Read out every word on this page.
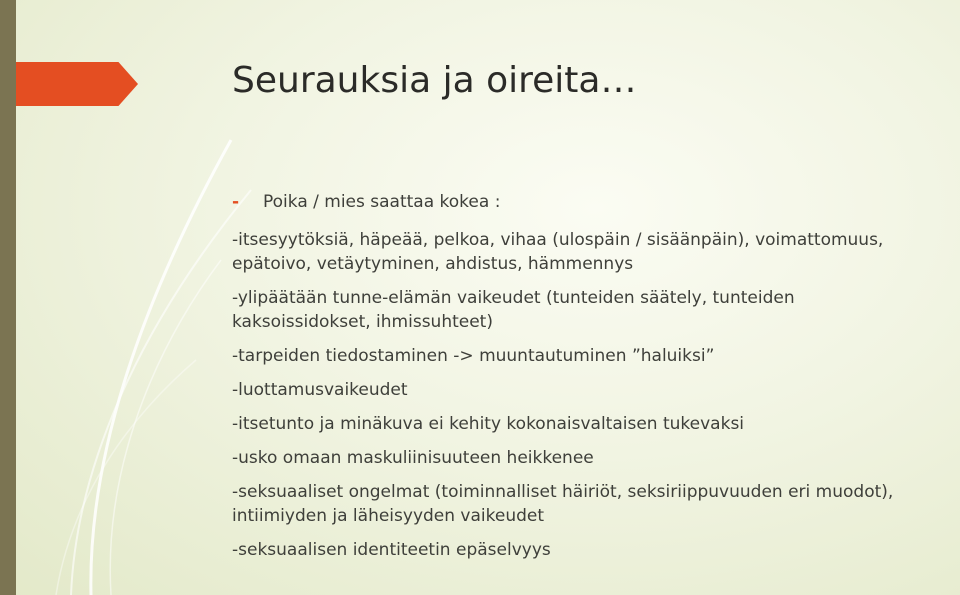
Seurauksia ja oireita…
-	Poika / mies saattaa kokea :

-itsesyytöksiä, häpeää, pelkoa, vihaa (ulospäin / sisäänpäin), voimattomuus,
epätoivo, vetäytyminen, ahdistus, hämmennys

-ylipäätään tunne-elämän vaikeudet (tunteiden säätely, tunteiden
kaksoissidokset, ihmissuhteet)

-tarpeiden tiedostaminen -> muuntautuminen ”haluiksi”

-luottamusvaikeudet

-itsetunto ja minäkuva ei kehity kokonaisvaltaisen tukevaksi

-usko omaan maskuliinisuuteen heikkenee

-seksuaaliset ongelmat (toiminnalliset häiriöt, seksiriippuvuuden eri muodot),
intiimiyden ja läheisyyden vaikeudet

-seksuaalisen identiteetin epäselvyys
